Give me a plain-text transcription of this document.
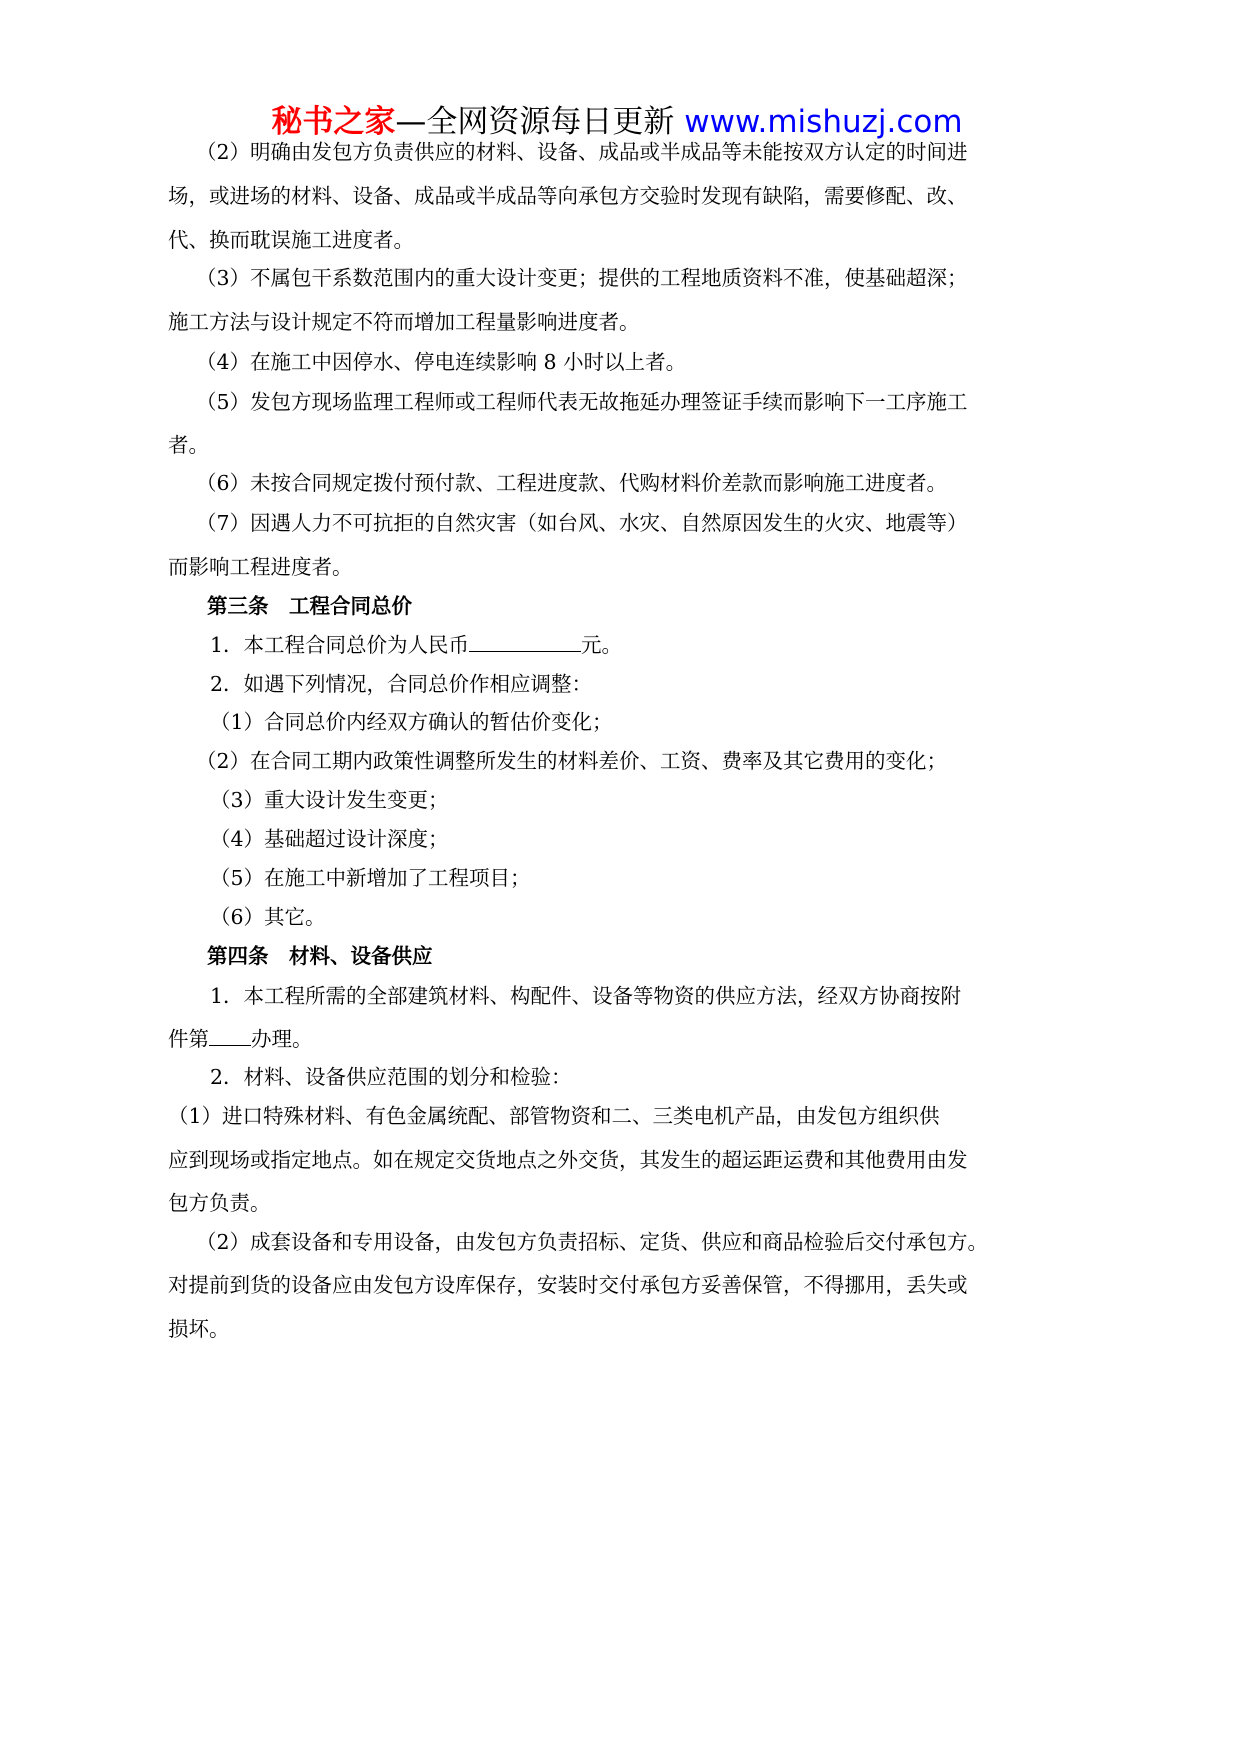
秘书之家—全网资源每日更新 www.mishuzj.com

（2）明确由发包方负责供应的材料、设备、成品或半成品等未能按双方认定的时间进

场，或进场的材料、设备、成品或半成品等向承包方交验时发现有缺陷，需要修配、改、

代、换而耽误施工进度者。

（3）不属包干系数范围内的重大设计变更；提供的工程地质资料不准，使基础超深；

施工方法与设计规定不符而增加工程量影响进度者。

（4）在施工中因停水、停电连续影响 8 小时以上者。

（5）发包方现场监理工程师或工程师代表无故拖延办理签证手续而影响下一工序施工

者。

（6）未按合同规定拨付预付款、工程进度款、代购材料价差款而影响施工进度者。

（7）因遇人力不可抗拒的自然灾害（如台风、水灾、自然原因发生的火灾、地震等）

而影响工程进度者。

第三条　工程合同总价

1．本工程合同总价为人民币	元。

2．如遇下列情况，合同总价作相应调整：

（1）合同总价内经双方确认的暂估价变化；

（2）在合同工期内政策性调整所发生的材料差价、工资、费率及其它费用的变化；

（3）重大设计发生变更；

（4）基础超过设计深度；

（5）在施工中新增加了工程项目；

（6）其它。

第四条　材料、设备供应

1．本工程所需的全部建筑材料、构配件、设备等物资的供应方法，经双方协商按附

件第 办理。

2．材料、设备供应范围的划分和检验：

（1）进口特殊材料、有色金属统配、部管物资和二、三类电机产品，由发包方组织供

应到现场或指定地点。如在规定交货地点之外交货，其发生的超运距运费和其他费用由发

包方负责。

（2）成套设备和专用设备，由发包方负责招标、定货、供应和商品检验后交付承包方。

对提前到货的设备应由发包方设库保存，安装时交付承包方妥善保管，不得挪用，丢失或

损坏。
